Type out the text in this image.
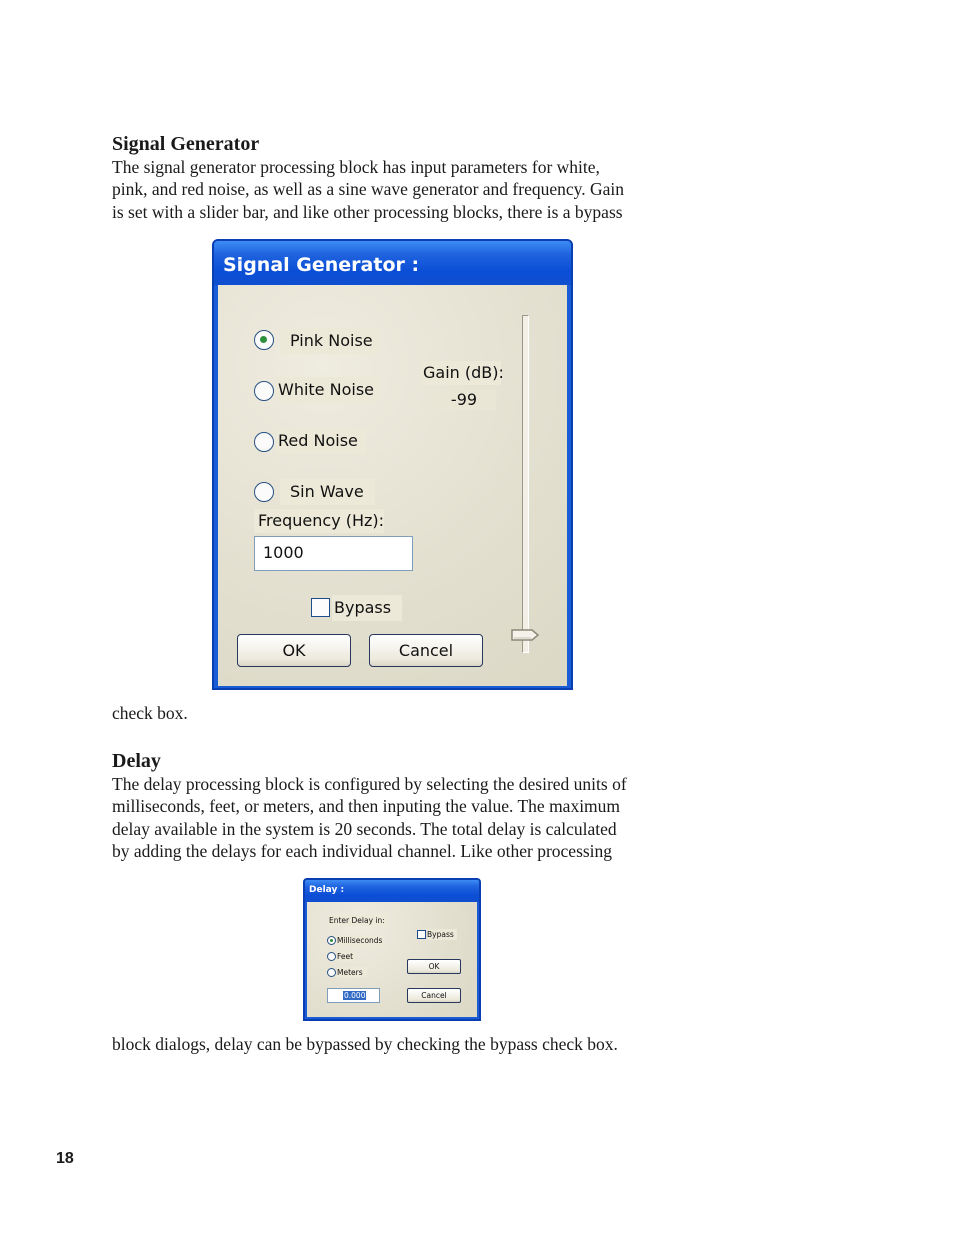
Signal Generator
The signal generator processing block has input parameters for white,
pink, and red noise, as well as a sine wave generator and frequency. Gain
is set with a slider bar, and like other processing blocks, there is a bypass
Signal Generator :
Pink Noise
White Noise
Red Noise
Sin Wave
Frequency (Hz):
1000
Gain (dB):
-99
Bypass
OK	Cancel
check box.
Delay
The delay processing block is configured by selecting the desired units of
milliseconds, feet, or meters, and then inputing the value. The maximum
delay available in the system is 20 seconds. The total delay is calculated
by adding the delays for each individual channel. Like other processing
Delay :
Enter Delay in:
Milliseconds
Feet
Meters
0.000
Bypass
OK
Cancel
block dialogs, delay can be bypassed by checking the bypass check box.
18
